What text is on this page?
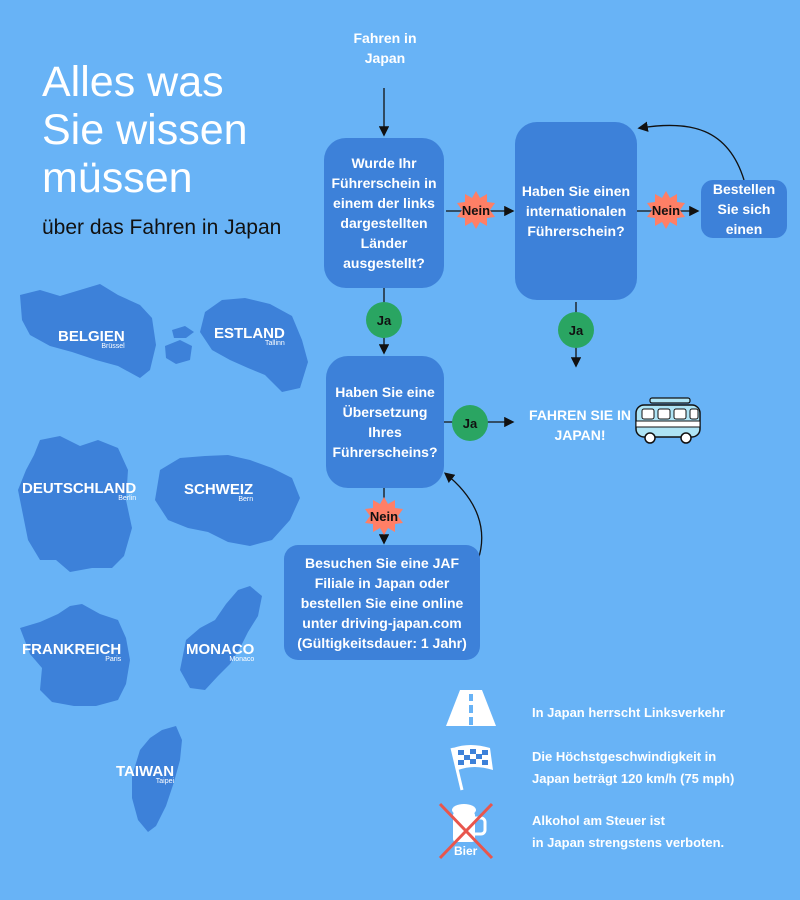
Alles was
Sie wissen
müssen
über das Fahren in Japan
BELGIEN
Brüssel
ESTLAND
Tallinn
DEUTSCHLAND
Berlin
SCHWEIZ
Bern
FRANKREICH
Paris
MONACO
Monaco
TAIWAN
Taipei
Fahren in Japan
Wurde Ihr Führerschein in einem der links dargestellten Länder ausgestellt?
Haben Sie einen internationalen Führerschein?
Bestellen Sie sich einen
Haben Sie eine Übersetzung Ihres Führerscheins?
Besuchen Sie eine JAF Filiale in Japan oder bestellen Sie eine online unter driving-japan.com (Gültigkeitsdauer: 1 Jahr)
Ja
Ja
Ja
Nein	Nein
Nein
FAHREN SIE IN JAPAN!
Bier
In Japan herrscht Linksverkehr
Die Höchstgeschwindigkeit in
Japan beträgt 120 km/h (75 mph)
Alkohol am Steuer ist
in Japan strengstens verboten.
